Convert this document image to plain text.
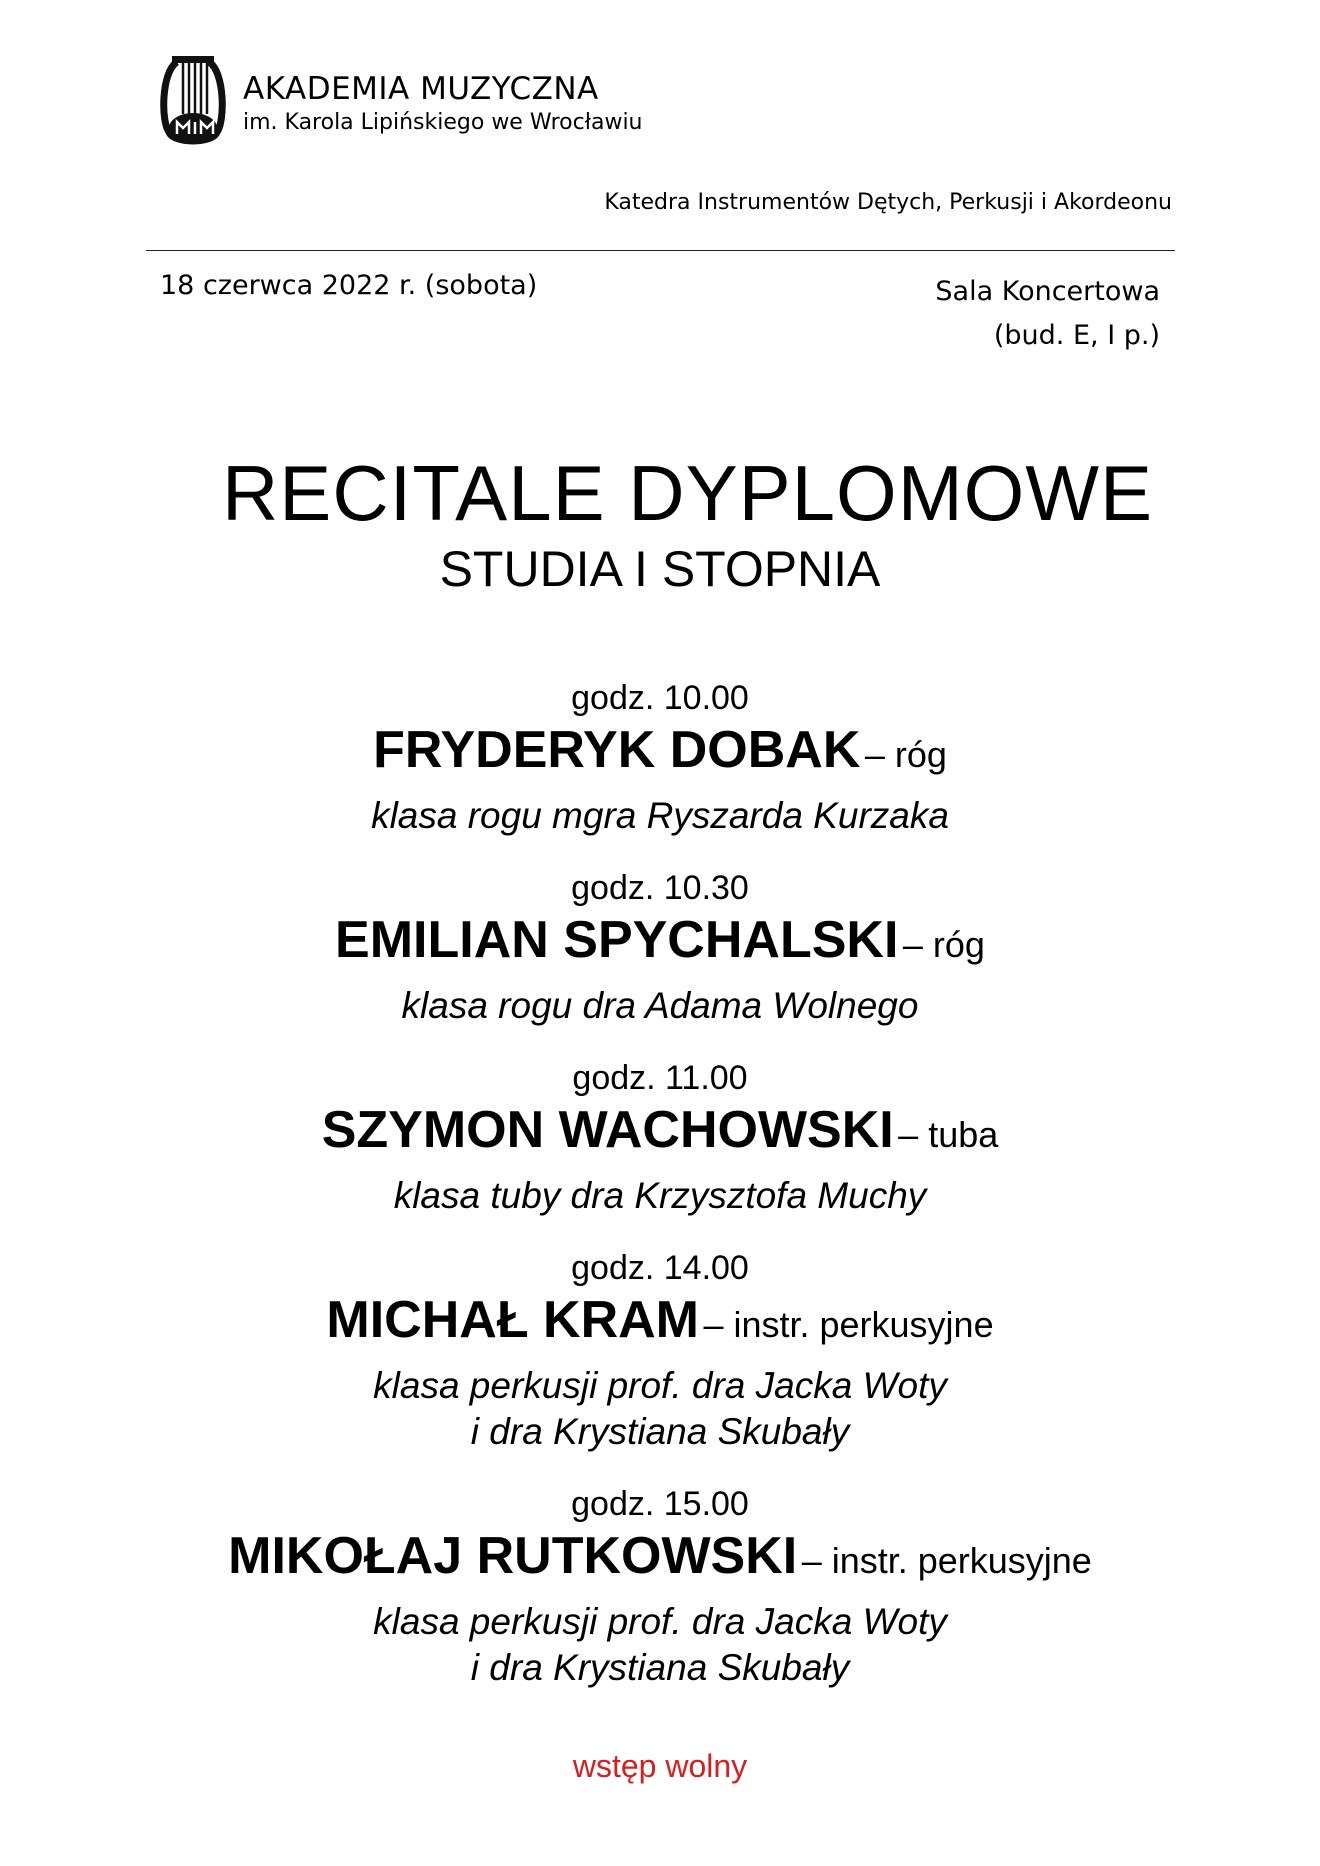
AKADEMIA MUZYCZNA
im. Karola Lipińskiego we Wrocławiu
Katedra Instrumentów Dętych, Perkusji i Akordeonu
18 czerwca 2022 r. (sobota)	Sala Koncertowa
(bud. E, I p.)
RECITALE DYPLOMOWE
STUDIA I STOPNIA
godz. 10.00
FRYDERYK DOBAK – róg
klasa rogu mgra Ryszarda Kurzaka
godz. 10.30
EMILIAN SPYCHALSKI – róg
klasa rogu dra Adama Wolnego
godz. 11.00
SZYMON WACHOWSKI – tuba
klasa tuby dra Krzysztofa Muchy
godz. 14.00
MICHAŁ KRAM – instr. perkusyjne
klasa perkusji prof. dra Jacka Woty
i dra Krystiana Skubały
godz. 15.00
MIKOŁAJ RUTKOWSKI – instr. perkusyjne
klasa perkusji prof. dra Jacka Woty
i dra Krystiana Skubały
wstęp wolny
